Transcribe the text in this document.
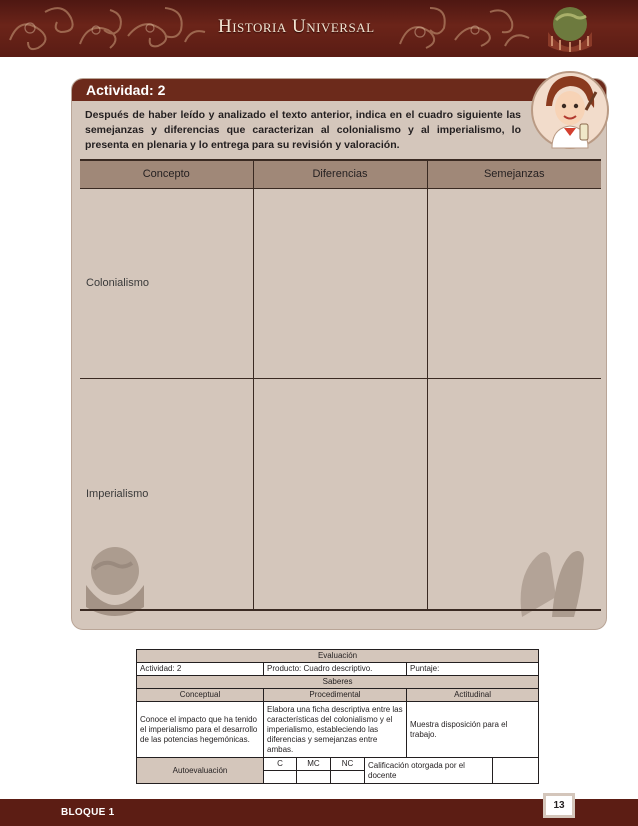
Historia Universal
Actividad: 2
Después de haber leído y analizado el texto anterior, indica en el cuadro siguiente las semejanzas y diferencias que caracterizan al colonialismo y al imperialismo, lo presenta en plenaria y lo entrega para su revisión y valoración.
Concepto	Diferencias	Semejanzas
Colonialismo		
Imperialismo		
Evaluación						
Actividad: 2	Producto: Cuadro descriptivo.				Puntaje:	
Saberes						
Conceptual	Procedimental				Actitudinal	
Conoce el impacto que ha tenido el imperialismo para el desarrollo de las potencias hegemónicas.	Elabora una ficha descriptiva entre las características del colonialismo y el imperialismo, estableciendo las diferencias y semejanzas entre ambas.				Muestra disposición para el trabajo.	
Autoevaluación	C	MC	NC	Calificación otorgada por el docente		

BLOQUE 1
13
